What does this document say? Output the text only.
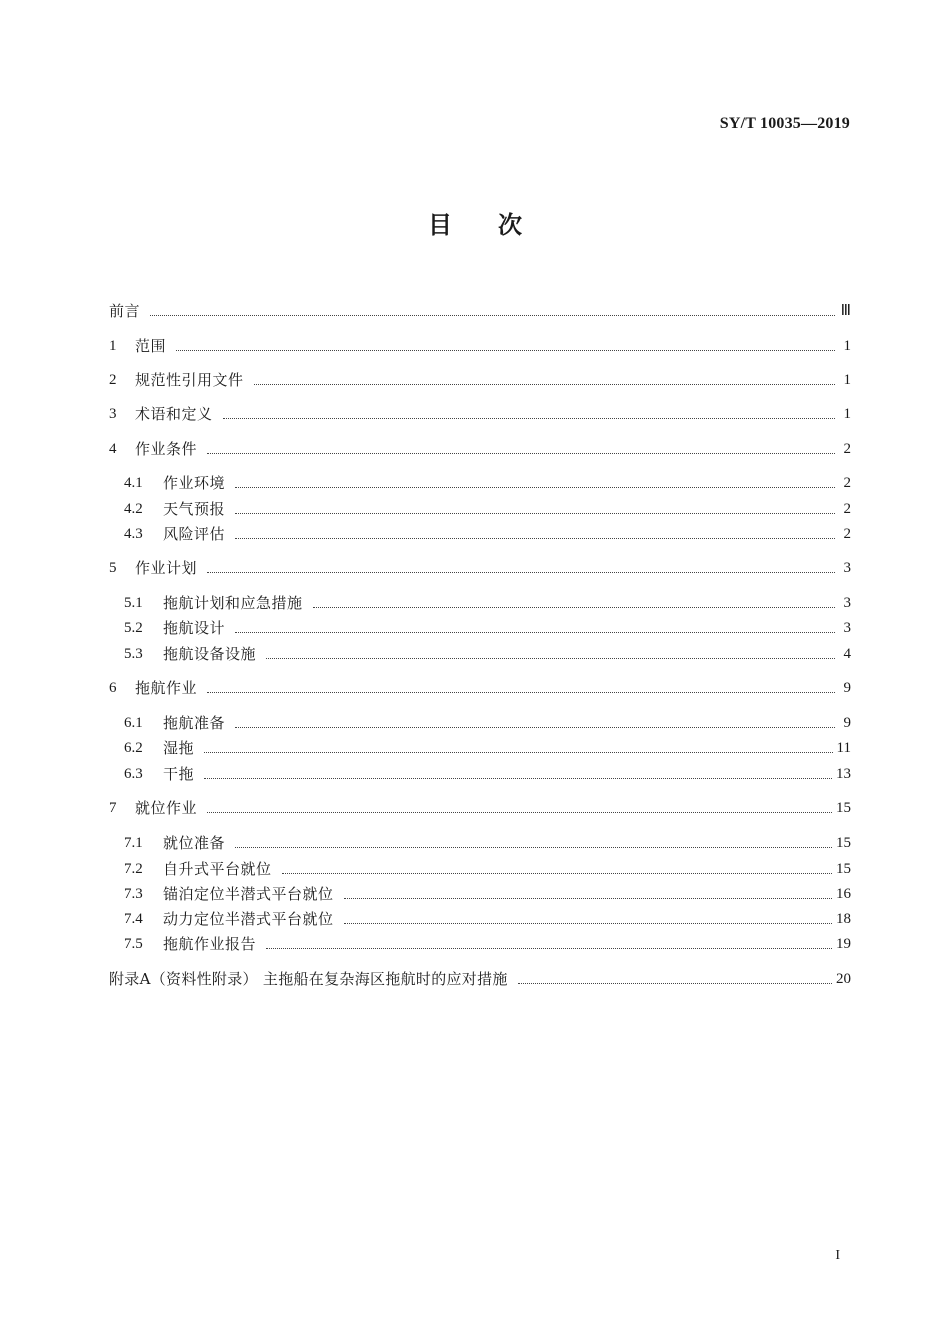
SY/T 10035—2019
目次
前言	Ⅲ
1	范围	1
2	规范性引用文件	1
3	术语和定义	1
4	作业条件	2
4.1	作业环境	2
4.2	天气预报	2
4.3	风险评估	2
5	作业计划	3
5.1	拖航计划和应急措施	3
5.2	拖航设计	3
5.3	拖航设备设施	4
6	拖航作业	9
6.1	拖航准备	9
6.2	湿拖	11
6.3	干拖	13
7	就位作业	15
7.1	就位准备	15
7.2	自升式平台就位	15
7.3	锚泊定位半潜式平台就位	16
7.4	动力定位半潜式平台就位	18
7.5	拖航作业报告	19
附录A（资料性附录） 主拖船在复杂海区拖航时的应对措施	20
I
